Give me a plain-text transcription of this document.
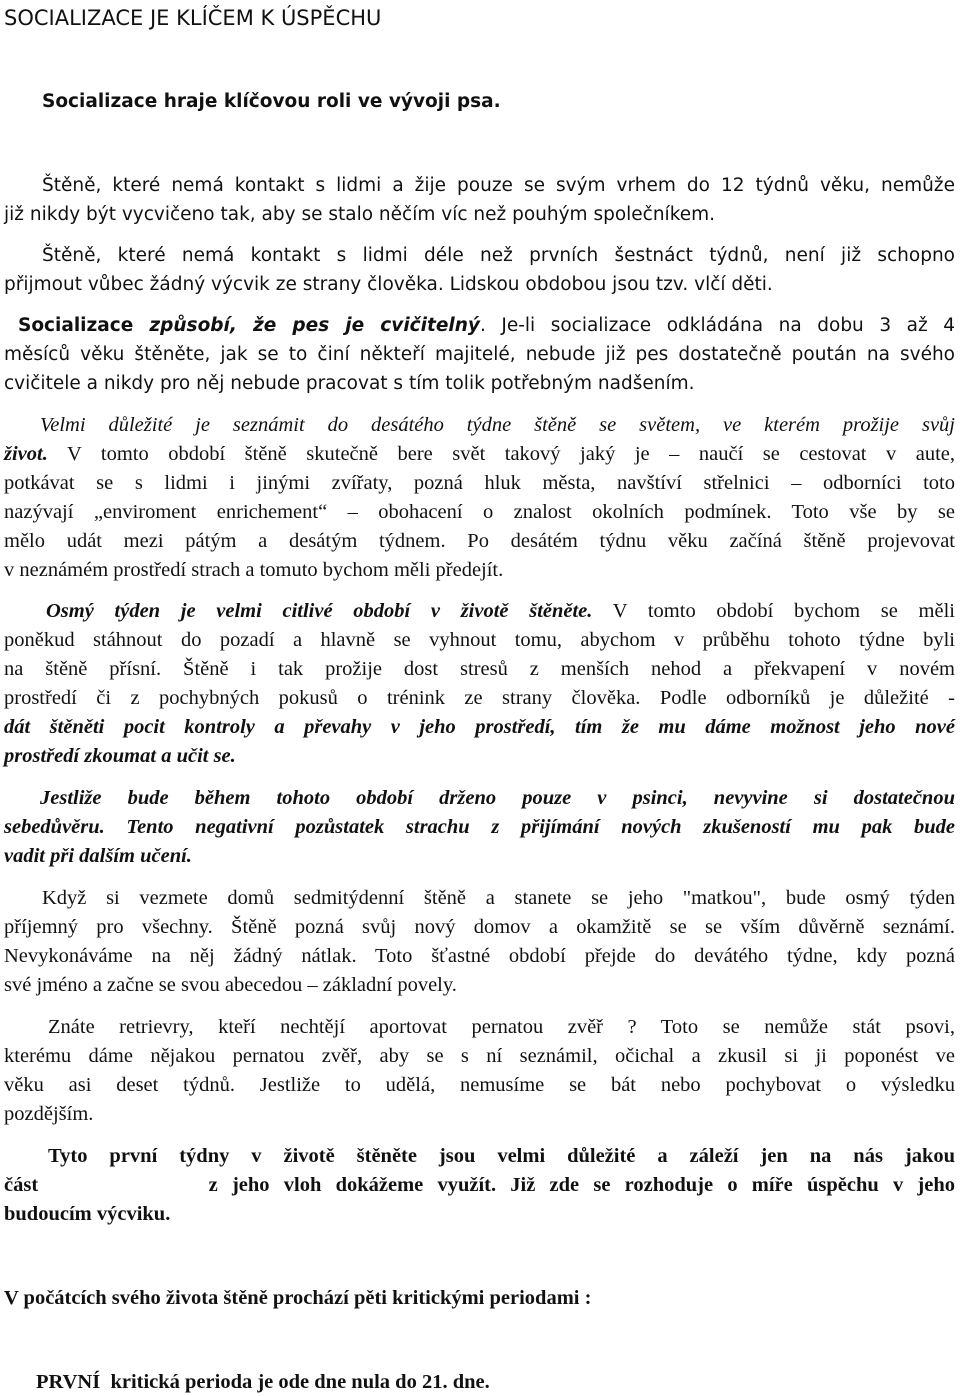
SOCIALIZACE JE KLÍČEM K ÚSPĚCHU
Socializace hraje klíčovou roli ve vývoji psa.
Štěně, které nemá kontakt s lidmi a žije pouze se svým vrhem do 12 týdnů věku, nemůže
již nikdy být vycvičeno tak, aby se stalo něčím víc než pouhým společníkem.
Štěně, které nemá kontakt s lidmi déle než prvních šestnáct týdnů, není již schopno
přijmout vůbec žádný výcvik ze strany člověka. Lidskou obdobou jsou tzv. vlčí děti.
Socializace způsobí, že pes je cvičitelný. Je-li socializace odkládána na dobu 3 až 4
měsíců věku štěněte, jak se to činí někteří majitelé, nebude již pes dostatečně poután na svého
cvičitele a nikdy pro něj nebude pracovat s tím tolik potřebným nadšením.
Velmi důležité je seznámit do desátého týdne štěně se světem, ve kterém prožije svůj
život. V tomto období štěně skutečně bere svět takový jaký je – naučí se cestovat v aute,
potkávat se s lidmi i jinými zvířaty, pozná hluk města, navštíví střelnici – odborníci toto
nazývají „enviroment enrichement“ – obohacení o znalost okolních podmínek. Toto vše by se
mělo udát mezi pátým a desátým týdnem. Po desátém týdnu věku začíná štěně projevovat
v neznámém prostředí strach a tomuto bychom měli předejít.
Osmý týden je velmi citlivé období v životě štěněte. V tomto období bychom se měli
poněkud stáhnout do pozadí a hlavně se vyhnout tomu, abychom v průběhu tohoto týdne byli
na štěně přísní. Štěně i tak prožije dost stresů z menších nehod a překvapení v novém
prostředí či z pochybných pokusů o trénink ze strany člověka. Podle odborníků je důležité -
dát štěněti pocit kontroly a převahy v jeho prostředí, tím že mu dáme možnost jeho nové
prostředí zkoumat a učit se.
Jestliže bude během tohoto období drženo pouze v psinci, nevyvine si dostatečnou
sebedůvěru. Tento negativní pozůstatek strachu z přijímání nových zkušeností mu pak bude
vadit při dalším učení.
Když si vezmete domů sedmitýdenní štěně a stanete se jeho "matkou", bude osmý týden
příjemný pro všechny. Štěně pozná svůj nový domov a okamžitě se se vším důvěrně seznámí.
Nevykonáváme na něj žádný nátlak. Toto šťastné období přejde do devátého týdne, kdy pozná
své jméno a začne se svou abecedou – základní povely.
Znáte retrievry, kteří nechtějí aportovat pernatou zvěř ? Toto se nemůže stát psovi,
kterému dáme nějakou pernatou zvěř, aby se s ní seznámil, očichal a zkusil si ji poponést ve
věku asi deset týdnů. Jestliže to udělá, nemusíme se bát nebo pochybovat o výsledku
pozdějším.
Tyto první týdny v životě štěněte jsou velmi důležité a záleží jen na nás jakou
část            z jeho vloh dokážeme využít. Již zde se rozhoduje o míře úspěchu v jeho
budoucím výcviku.
V počátcích svého života štěně prochází pěti kritickými periodami :
PRVNÍ  kritická perioda je ode dne nula do 21. dne.
